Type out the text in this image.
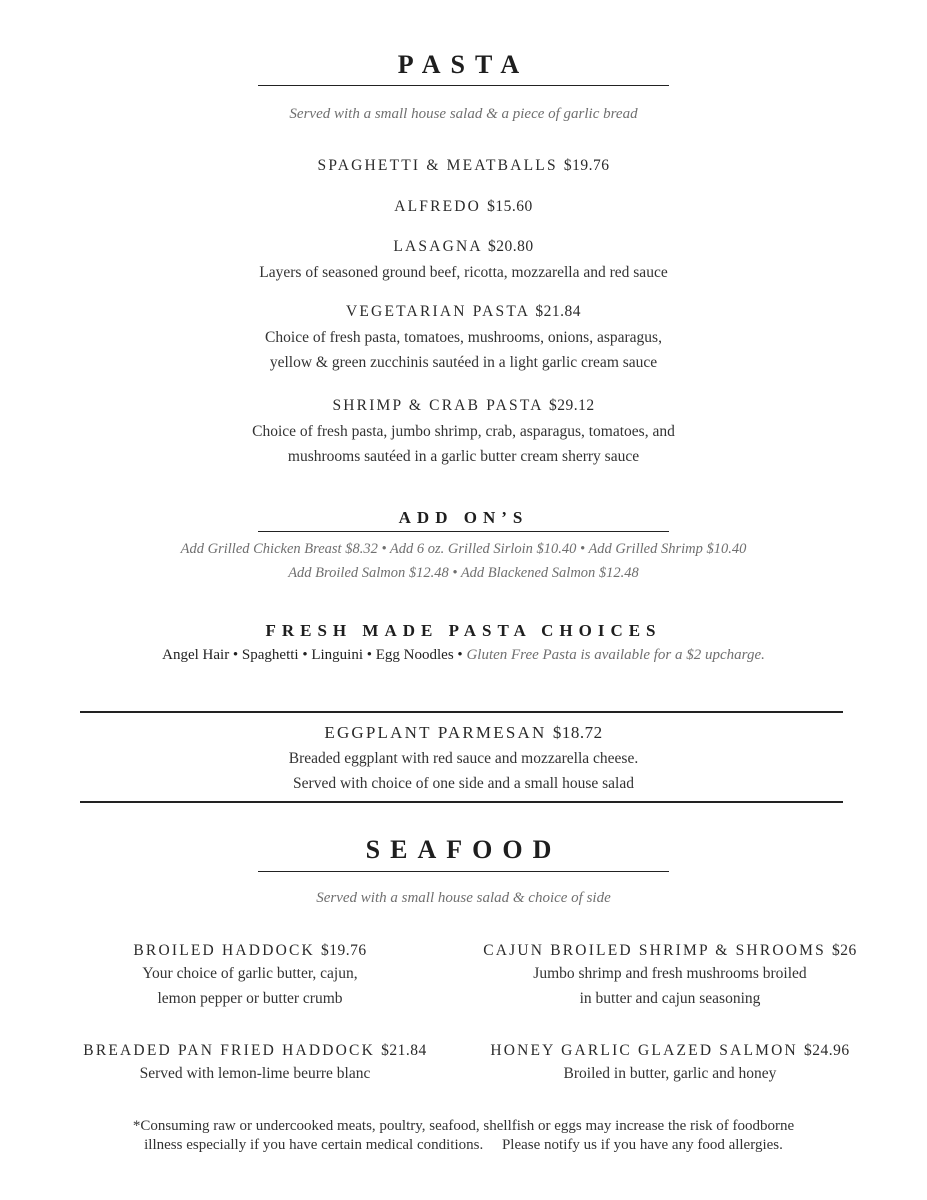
PASTA
Served with a small house salad & a piece of garlic bread
SPAGHETTI & MEATBALLS $19.76
ALFREDO $15.60
LASAGNA $20.80
Layers of seasoned ground beef, ricotta, mozzarella and red sauce
VEGETARIAN PASTA $21.84
Choice of fresh pasta, tomatoes, mushrooms, onions, asparagus,
yellow & green zucchinis sautéed in a light garlic cream sauce
SHRIMP & CRAB PASTA $29.12
Choice of fresh pasta, jumbo shrimp, crab, asparagus, tomatoes, and
mushrooms sautéed in a garlic butter cream sherry sauce
ADD ON’S
Add Grilled Chicken Breast $8.32 • Add 6 oz. Grilled Sirloin $10.40 • Add Grilled Shrimp $10.40
Add Broiled Salmon $12.48 • Add Blackened Salmon $12.48
FRESH MADE PASTA CHOICES
Angel Hair • Spaghetti • Linguini • Egg Noodles • Gluten Free Pasta is available for a $2 upcharge.
EGGPLANT PARMESAN $18.72
Breaded eggplant with red sauce and mozzarella cheese.
Served with choice of one side and a small house salad
SEAFOOD
Served with a small house salad & choice of side
BROILED HADDOCK $19.76
Your choice of garlic butter, cajun,
lemon pepper or butter crumb
CAJUN BROILED SHRIMP & SHROOMS $26
Jumbo shrimp and fresh mushrooms broiled
in butter and cajun seasoning
BREADED PAN FRIED HADDOCK $21.84
Served with lemon-lime beurre blanc
HONEY GARLIC GLAZED SALMON $24.96
Broiled in butter, garlic and honey
*Consuming raw or undercooked meats, poultry, seafood, shellfish or eggs may increase the risk of foodborne
illness especially if you have certain medical conditions.     Please notify us if you have any food allergies.
